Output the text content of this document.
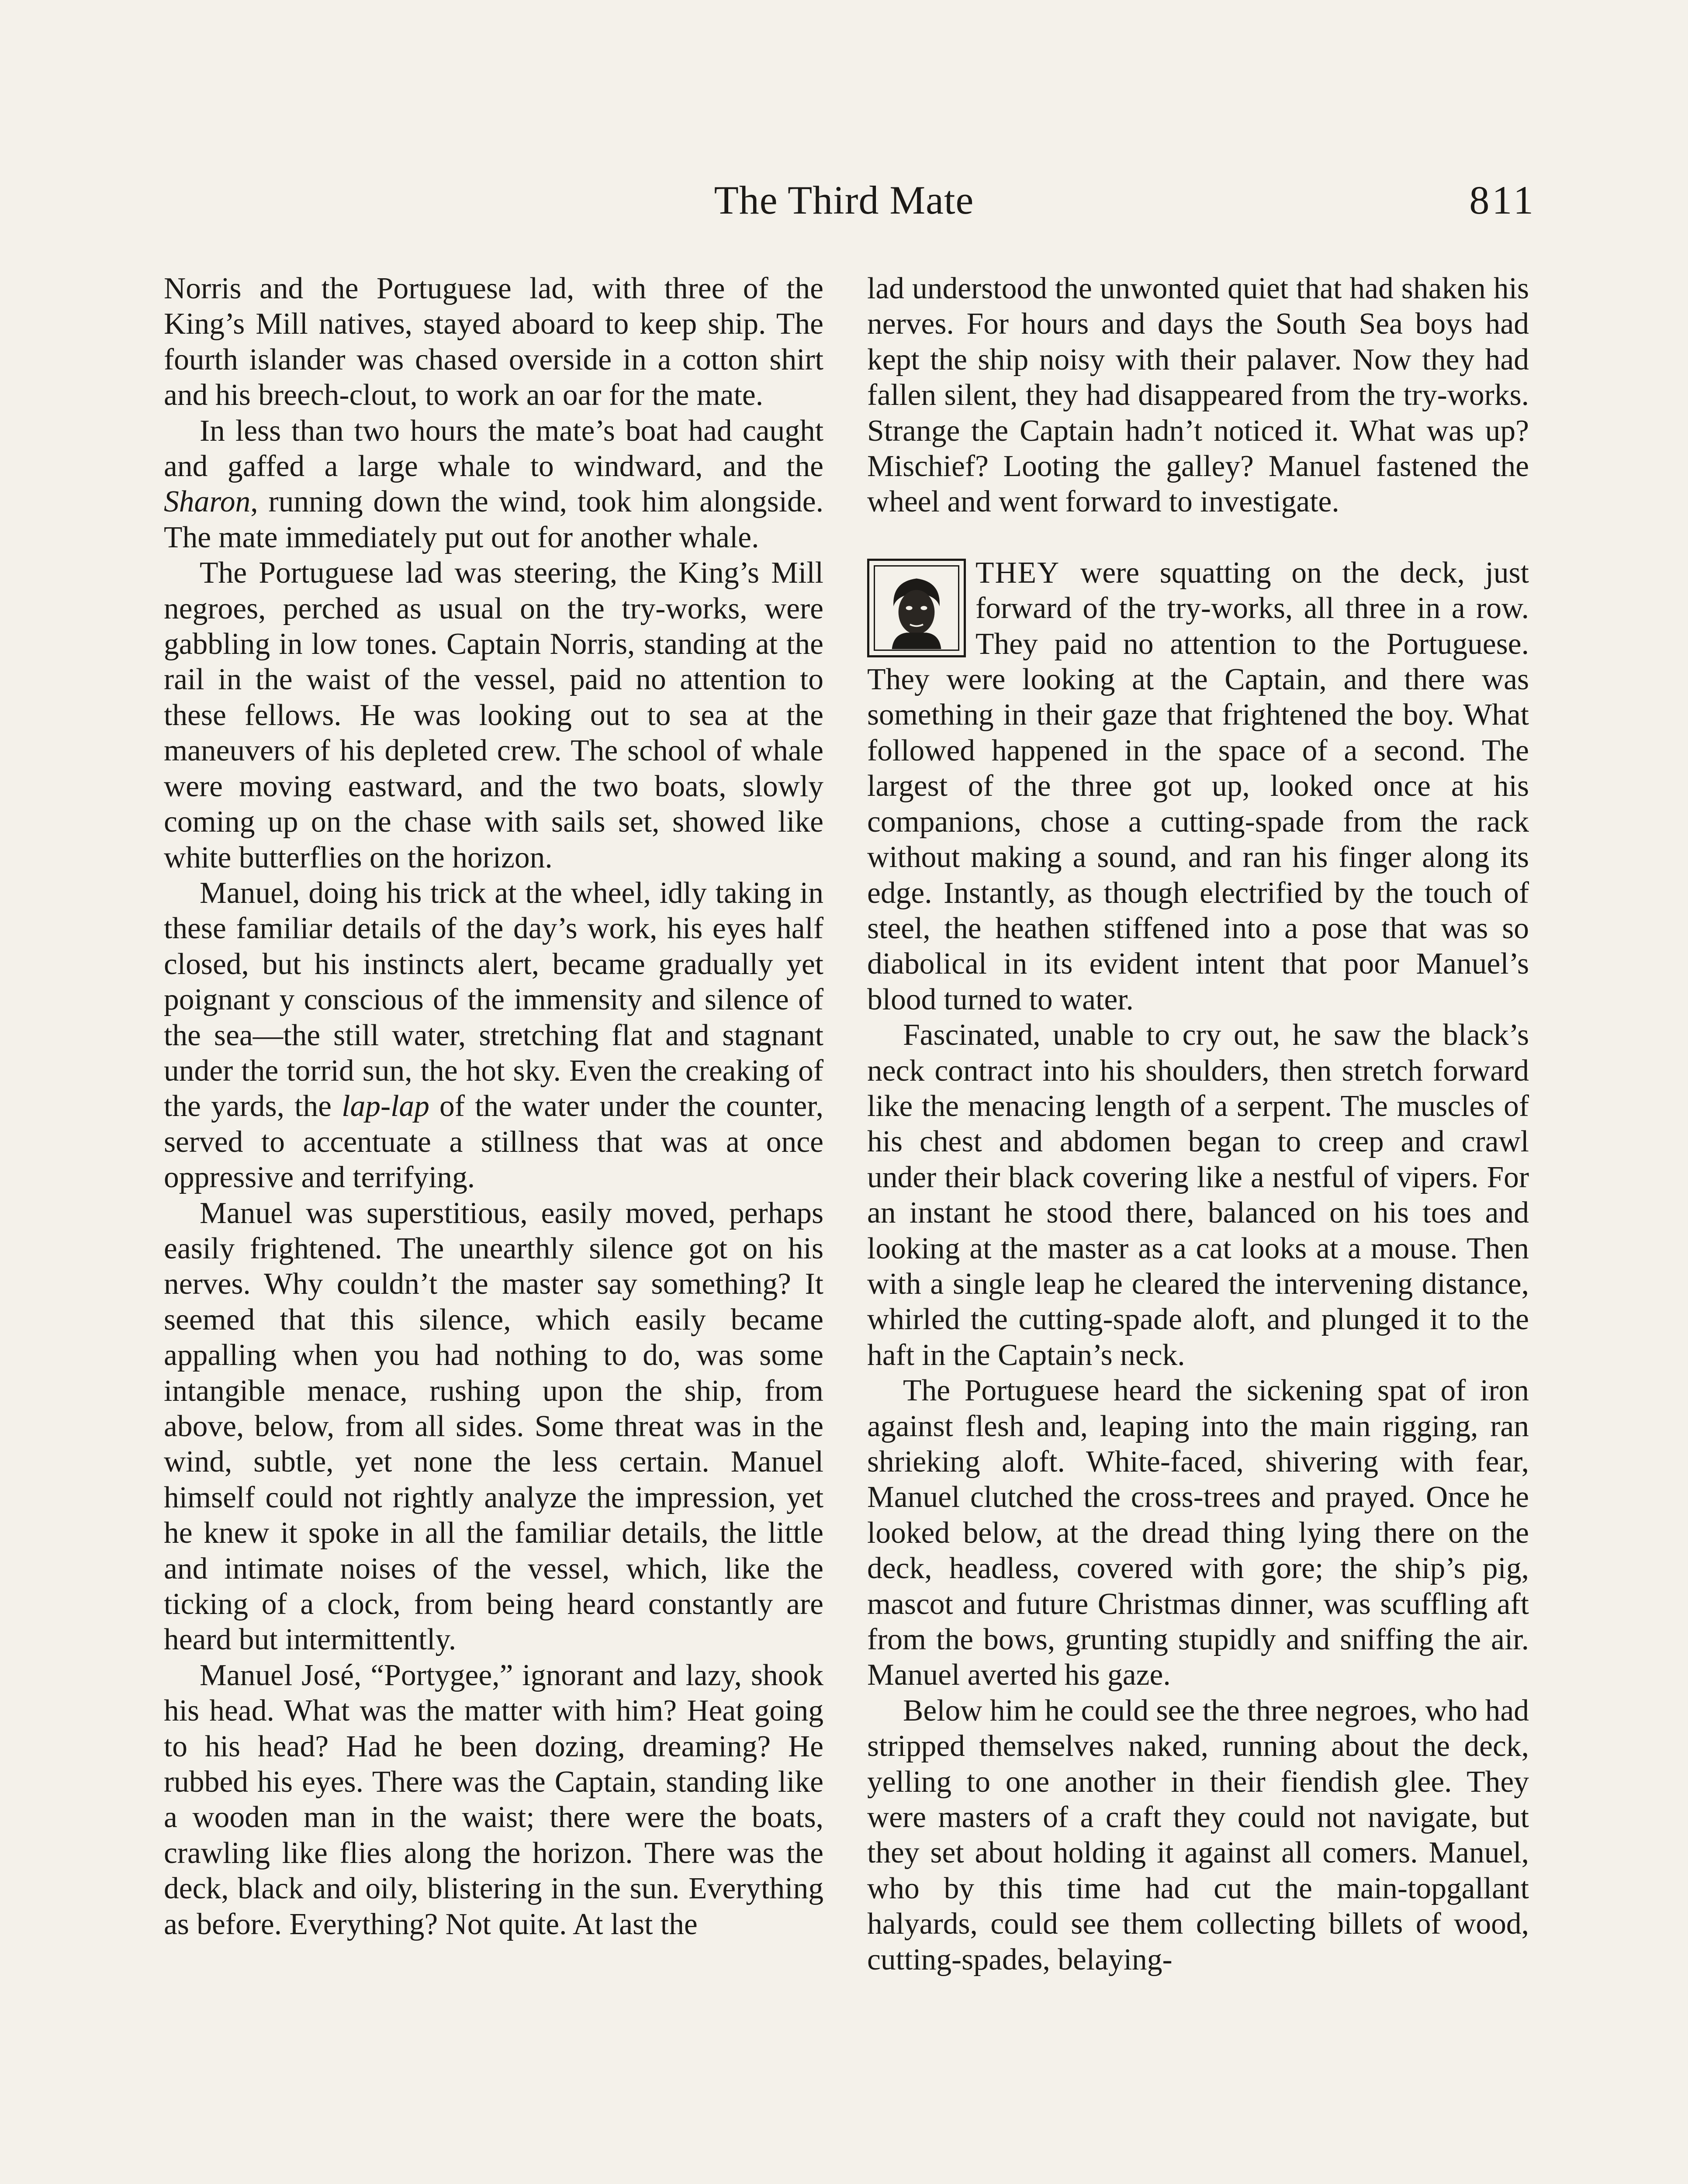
The Third Mate	811

Norris and the Portuguese lad, with three of the King’s Mill natives, stayed aboard to keep ship. The fourth islander was chased overside in a cotton shirt and his breech-clout, to work an oar for the mate.

In less than two hours the mate’s boat had caught and gaffed a large whale to windward, and the Sharon, running down the wind, took him alongside. The mate immediately put out for another whale.

The Portuguese lad was steering, the King’s Mill negroes, perched as usual on the try-works, were gabbling in low tones. Captain Norris, standing at the rail in the waist of the vessel, paid no attention to these fellows. He was looking out to sea at the maneuvers of his depleted crew. The school of whale were moving eastward, and the two boats, slowly coming up on the chase with sails set, showed like white butterflies on the horizon.

Manuel, doing his trick at the wheel, idly taking in these familiar details of the day’s work, his eyes half closed, but his instincts alert, became gradually yet poignant y conscious of the immensity and silence of the sea—the still water, stretching flat and stagnant under the torrid sun, the hot sky. Even the creaking of the yards, the lap-lap of the water under the counter, served to accentuate a stillness that was at once oppressive and terrifying.

Manuel was superstitious, easily moved, perhaps easily frightened. The unearthly silence got on his nerves. Why couldn’t the master say something? It seemed that this silence, which easily became appalling when you had nothing to do, was some intangible menace, rushing upon the ship, from above, below, from all sides. Some threat was in the wind, subtle, yet none the less certain. Manuel himself could not rightly analyze the impression, yet he knew it spoke in all the familiar details, the little and intimate noises of the vessel, which, like the ticking of a clock, from being heard constantly are heard but intermittently.

Manuel José, “Portygee,” ignorant and lazy, shook his head. What was the matter with him? Heat going to his head? Had he been dozing, dreaming? He rubbed his eyes. There was the Captain, standing like a wooden man in the waist; there were the boats, crawling like flies along the horizon. There was the deck, black and oily, blistering in the sun. Everything as before. Everything? Not quite. At last the

lad understood the unwonted quiet that had shaken his nerves. For hours and days the South Sea boys had kept the ship noisy with their palaver. Now they had fallen silent, they had disappeared from the try-works. Strange the Captain hadn’t noticed it. What was up? Mischief? Looting the galley? Manuel fastened the wheel and went forward to investigate.

THEY were squatting on the deck, just forward of the try-works, all three in a row. They paid no attention to the Portuguese. They were looking at the Captain, and there was something in their gaze that frightened the boy. What followed happened in the space of a second. The largest of the three got up, looked once at his companions, chose a cutting-spade from the rack without making a sound, and ran his finger along its edge. Instantly, as though electrified by the touch of steel, the heathen stiffened into a pose that was so diabolical in its evident intent that poor Manuel’s blood turned to water.

Fascinated, unable to cry out, he saw the black’s neck contract into his shoulders, then stretch forward like the menacing length of a serpent. The muscles of his chest and abdomen began to creep and crawl under their black covering like a nestful of vipers. For an instant he stood there, balanced on his toes and looking at the master as a cat looks at a mouse. Then with a single leap he cleared the intervening distance, whirled the cutting-spade aloft, and plunged it to the haft in the Captain’s neck.

The Portuguese heard the sickening spat of iron against flesh and, leaping into the main rigging, ran shrieking aloft. White-faced, shivering with fear, Manuel clutched the cross-trees and prayed. Once he looked below, at the dread thing lying there on the deck, headless, covered with gore; the ship’s pig, mascot and future Christmas dinner, was scuffling aft from the bows, grunting stupidly and sniffing the air. Manuel averted his gaze.

Below him he could see the three negroes, who had stripped themselves naked, running about the deck, yelling to one another in their fiendish glee. They were masters of a craft they could not navigate, but they set about holding it against all comers. Manuel, who by this time had cut the main-topgallant halyards, could see them collecting billets of wood, cutting-spades, belaying-
